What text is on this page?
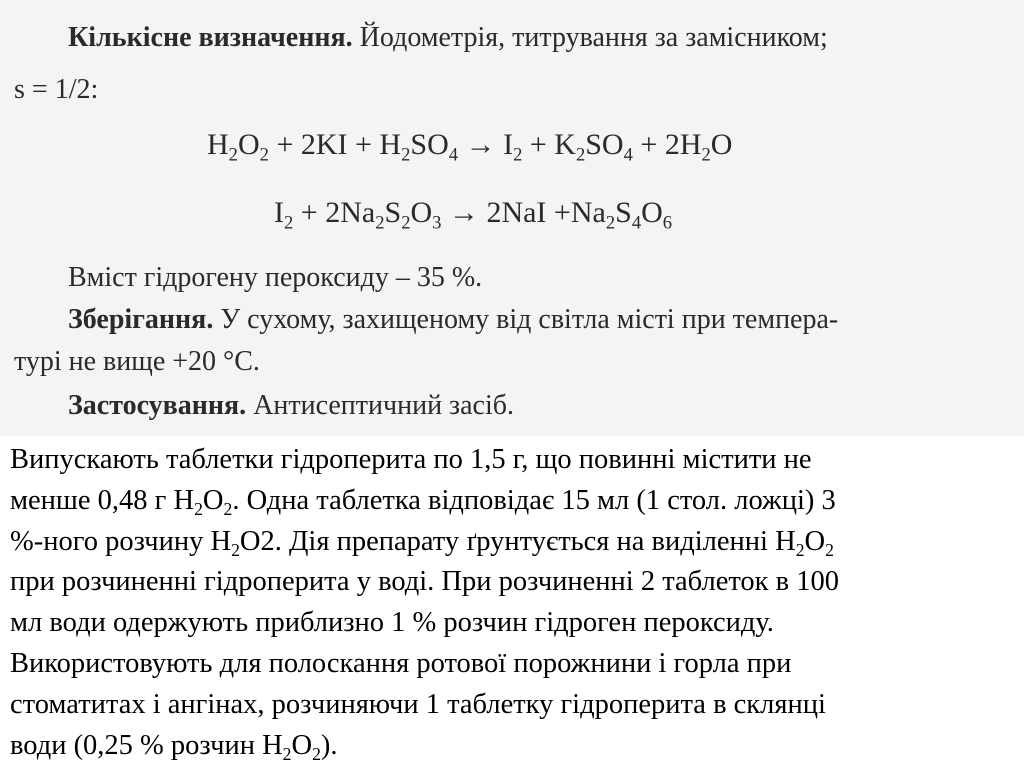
Кількісне визначення. Йодометрія, титрування за замісником;
s = 1/2:
$H_2O_2 + 2KI + H_2SO_4 \to I_2 + K_2SO_4 + 2H_2O$
$I_2 + 2Na_2S_2O_3 \to 2NaI +Na_2S_4O_6$
Вміст гідрогену пероксиду – 35 %.
Зберігання. У сухому, захищеному від світла місті при темпера-
турі не вище +20 °С.
Застосування. Антисептичний засіб.

Випускають таблетки гідроперита по 1,5 г, що повинні містити не

менше 0,48 г $H_2O_2$. Одна таблетка відповідає 15 мл (1 стол. ложці) 3

%-ного розчину $H_2O2$. Дія препарату ґрунтується на виділенні $H_2O_2$

при розчиненні гідроперита у воді. При розчиненні 2 таблеток в 100

мл води одержують приблизно 1 % розчин гідроген пероксиду.

Використовують для полоскання ротової порожнини і горла при

стоматитах і ангінах, розчиняючи 1 таблетку гідроперита в склянці

води (0,25 % розчин $H_2O_2$).
